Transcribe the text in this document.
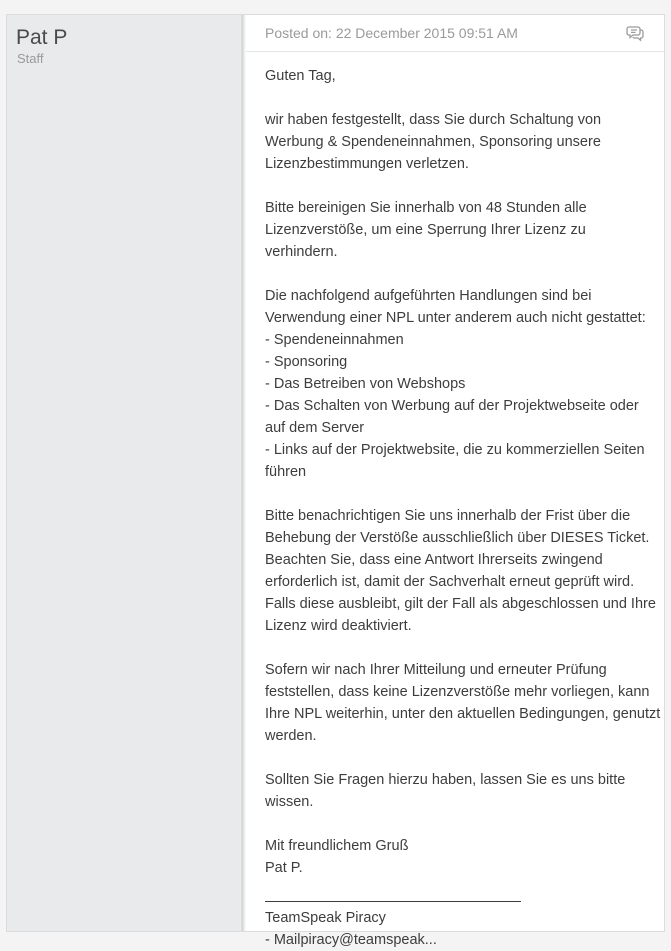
Pat P
Staff
Posted on: 22 December 2015 09:51 AM

Guten Tag,

wir haben festgestellt, dass Sie durch Schaltung von
Werbung & Spendeneinnahmen, Sponsoring unsere
Lizenzbestimmungen verletzen.

Bitte bereinigen Sie innerhalb von 48 Stunden alle
Lizenzverstöße, um eine Sperrung Ihrer Lizenz zu
verhindern.

Die nachfolgend aufgeführten Handlungen sind bei
Verwendung einer NPL unter anderem auch nicht gestattet:
- Spendeneinnahmen
- Sponsoring
- Das Betreiben von Webshops
- Das Schalten von Werbung auf der Projektwebseite oder
auf dem Server
- Links auf der Projektwebsite, die zu kommerziellen Seiten
führen

Bitte benachrichtigen Sie uns innerhalb der Frist über die
Behebung der Verstöße ausschließlich über DIESES Ticket.
Beachten Sie, dass eine Antwort Ihrerseits zwingend
erforderlich ist, damit der Sachverhalt erneut geprüft wird.
Falls diese ausbleibt, gilt der Fall als abgeschlossen und Ihre
Lizenz wird deaktiviert.

Sofern wir nach Ihrer Mitteilung und erneuter Prüfung
feststellen, dass keine Lizenzverstöße mehr vorliegen, kann
Ihre NPL weiterhin, unter den aktuellen Bedingungen, genutzt
werden.

Sollten Sie Fragen hierzu haben, lassen Sie es uns bitte
wissen.

Mit freundlichem Gruß
Pat P.

TeamSpeak Piracy
- Mailpiracy@teamspeak...
